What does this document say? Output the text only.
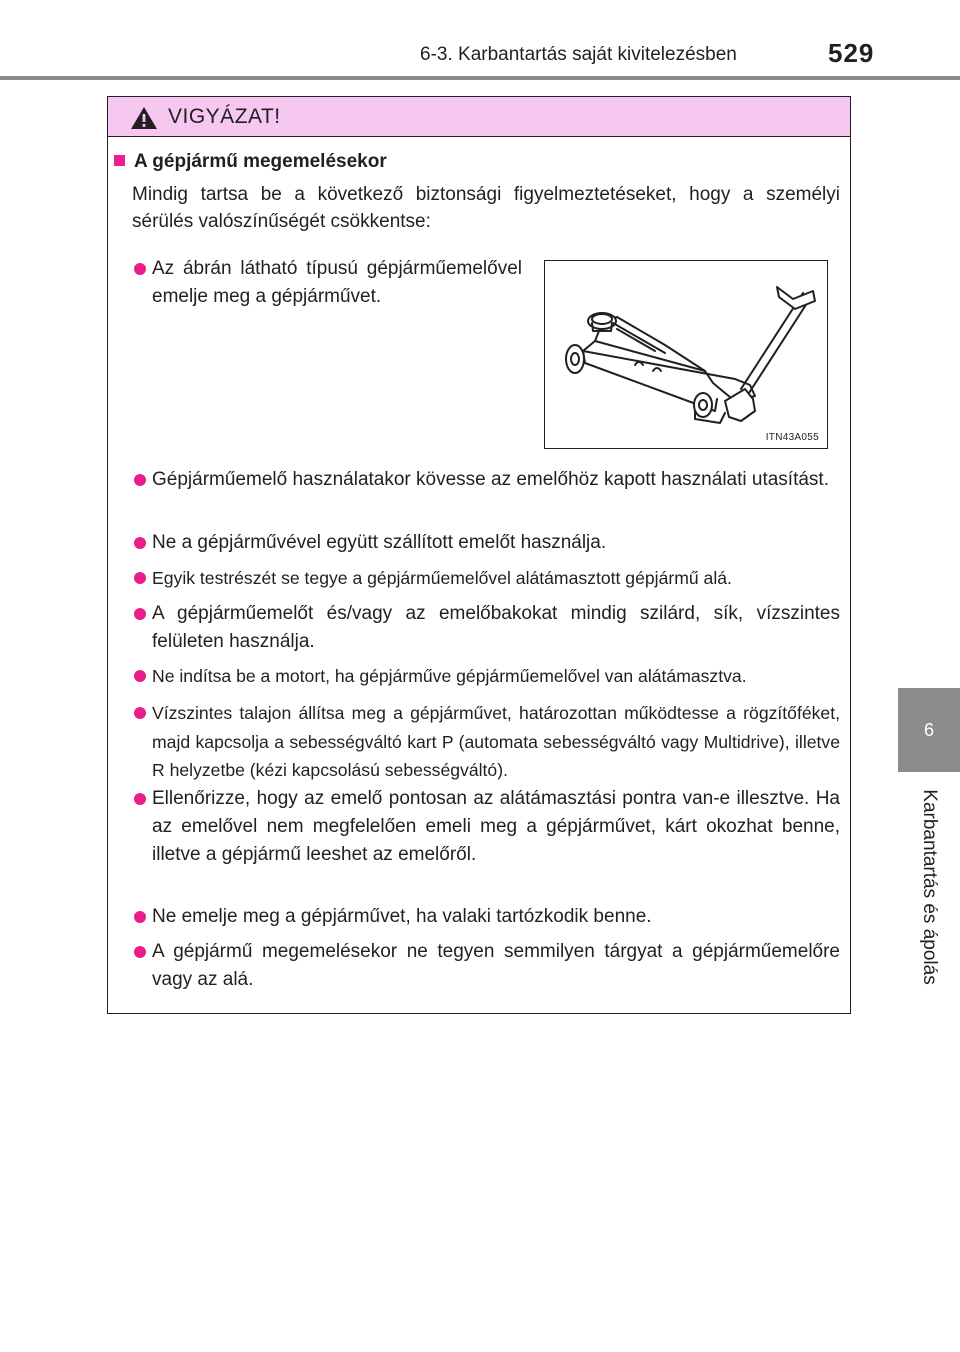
6-3. Karbantartás saját kivitelezésben	529
6
Karbantartás és ápolás
VIGYÁZAT!
A gépjármű megemelésekor
Mindig tartsa be a következő biztonsági figyelmeztetéseket, hogy a személyi sérülés valószínűségét csökkentse:
Az ábrán látható típusú gépjárműemelővel emelje meg a gépjárművet.
ITN43A055
Gépjárműemelő használatakor kövesse az emelőhöz kapott használati utasítást.
Ne a gépjárművével együtt szállított emelőt használja.
Egyik testrészét se tegye a gépjárműemelővel alátámasztott gépjármű alá.
A gépjárműemelőt és/vagy az emelőbakokat mindig szilárd, sík, vízszintes felületen használja.
Ne indítsa be a motort, ha gépjárműve gépjárműemelővel van alátámasztva.
Vízszintes talajon állítsa meg a gépjárművet, határozottan működtesse a rögzítőféket, majd kapcsolja a sebességváltó kart P (automata sebességváltó vagy Multidrive), illetve R helyzetbe (kézi kapcsolású sebességváltó).
Ellenőrizze, hogy az emelő pontosan az alátámasztási pontra van-e illesztve. Ha az emelővel nem megfelelően emeli meg a gépjárművet, kárt okozhat benne, illetve a gépjármű leeshet az emelőről.
Ne emelje meg a gépjárművet, ha valaki tartózkodik benne.
A gépjármű megemelésekor ne tegyen semmilyen tárgyat a gépjárműemelőre vagy az alá.
